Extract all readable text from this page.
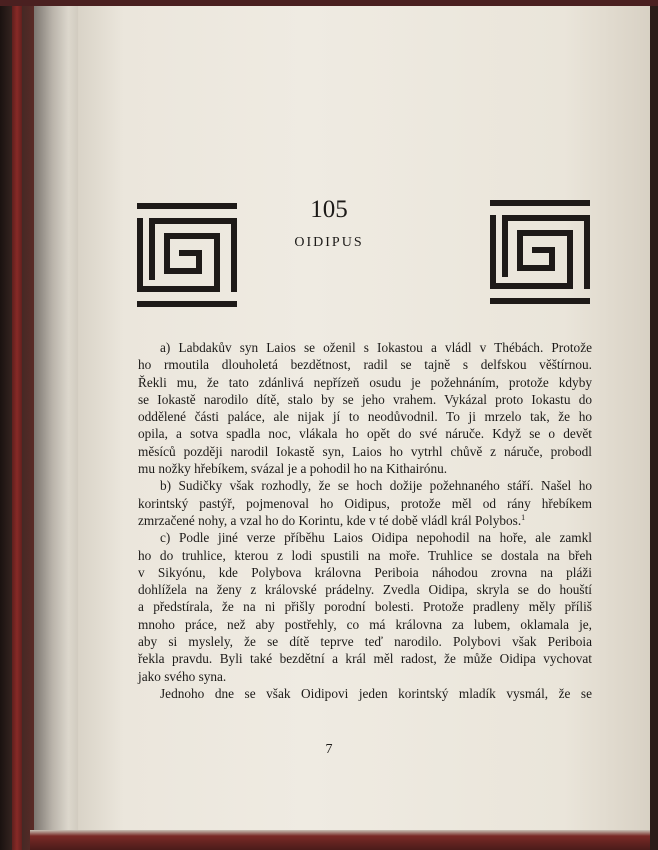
105
OIDIPUS
a) Labdakův syn Laios se oženil s Iokastou a vládl v Thébách. Protože
ho rmoutila dlouholetá bezdětnost, radil se tajně s delfskou věštírnou.
Řekli mu, že tato zdánlivá nepřízeň osudu je požehnáním, protože kdyby
se Iokastě narodilo dítě, stalo by se jeho vrahem. Vykázal proto Iokastu do
oddělené části paláce, ale nijak jí to neodůvodnil. To ji mrzelo tak, že ho
opila, a sotva spadla noc, vlákala ho opět do své náruče. Když se o devět
měsíců později narodil Iokastě syn, Laios ho vytrhl chůvě z náruče, probodl
mu nožky hřebíkem, svázal je a pohodil ho na Kithairónu.
b) Sudičky však rozhodly, že se hoch dožije požehnaného stáří. Našel ho
korintský pastýř, pojmenoval ho Oidipus, protože měl od rány hřebíkem
zmrzačené nohy, a vzal ho do Korintu, kde v té době vládl král Polybos.$^1$
c) Podle jiné verze příběhu Laios Oidipa nepohodil na hoře, ale zamkl
ho do truhlice, kterou z lodi spustili na moře. Truhlice se dostala na břeh
v Sikyónu, kde Polybova královna Periboia náhodou zrovna na pláži
dohlížela na ženy z královské prádelny. Zvedla Oidipa, skryla se do houští
a předstírala, že na ni přišly porodní bolesti. Protože pradleny měly příliš
mnoho práce, než aby postřehly, co má královna za lubem, oklamala je,
aby si myslely, že se dítě teprve teď narodilo. Polybovi však Periboia
řekla pravdu. Byli také bezdětní a král měl radost, že může Oidipa vychovat
jako svého syna.
Jednoho dne se však Oidipovi jeden korintský mladík vysmál, že se
7
